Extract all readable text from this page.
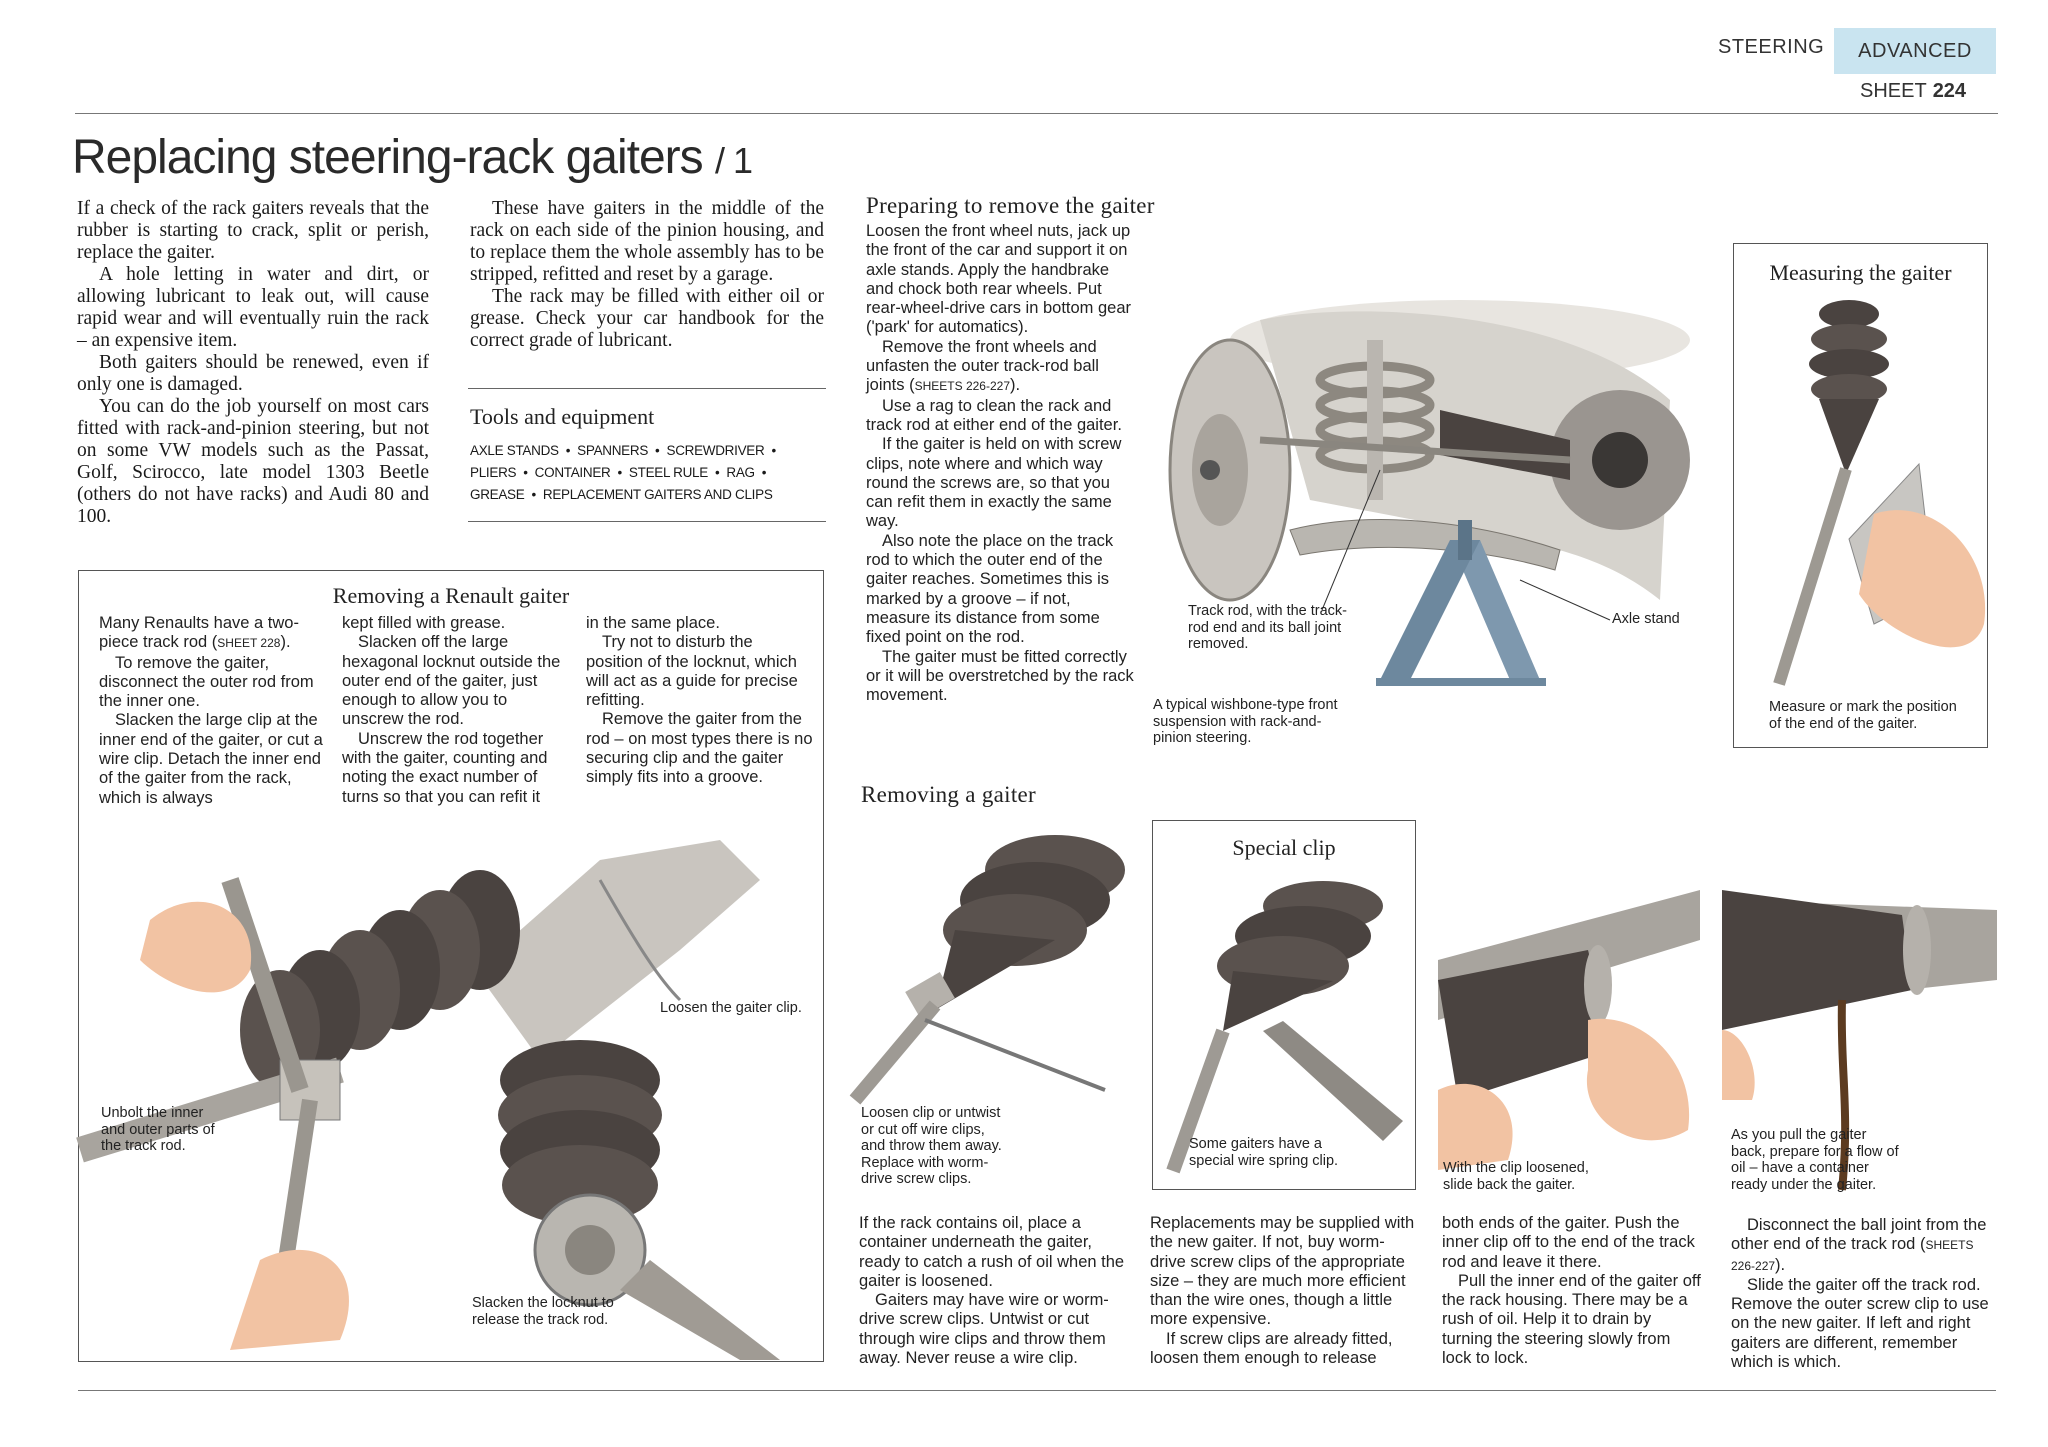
STEERING	ADVANCED
SHEET 224
Replacing steering-rack gaiters / 1

If a check of the rack gaiters reveals that the rubber is starting to crack, split or perish, replace the gaiter.

A hole letting in water and dirt, or allowing lubricant to leak out, will cause rapid wear and will eventually ruin the rack – an expensive item.

Both gaiters should be renewed, even if only one is damaged.

You can do the job yourself on most cars fitted with rack-and-pinion steering, but not on some VW models such as the Passat, Golf, Scirocco, late model 1303 Beetle (others do not have racks) and Audi 80 and 100.

These have gaiters in the middle of the rack on each side of the pinion housing, and to replace them the whole assembly has to be stripped, refitted and reset by a garage.

The rack may be filled with either oil or grease. Check your car handbook for the correct grade of lubricant.

Tools and equipment
AXLE STANDS • SPANNERS • SCREWDRIVER •
PLIERS • CONTAINER • STEEL RULE • RAG •
GREASE • REPLACEMENT GAITERS AND CLIPS
Preparing to remove the gaiter

Loosen the front wheel nuts, jack up the front of the car and support it on axle stands. Apply the handbrake and chock both rear wheels. Put rear-wheel-drive cars in bottom gear ('park' for automatics).

Remove the front wheels and unfasten the outer track-rod ball joints (SHEETS 226-227).

Use a rag to clean the rack and track rod at either end of the gaiter.

If the gaiter is held on with screw clips, note where and which way round the screws are, so that you can refit them in exactly the same way.

Also note the place on the track rod to which the outer end of the gaiter reaches. Sometimes this is marked by a groove – if not, measure its distance from some fixed point on the rod.

The gaiter must be fitted correctly or it will be overstretched by the rack movement.

Track rod, with the track-rod end and its ball joint removed.
Axle stand
A typical wishbone-type front suspension with rack-and-pinion steering.
Measuring the gaiter
Measure or mark the position of the end of the gaiter.
Removing a Renault gaiter

Many Renaults have a two-piece track rod (SHEET 228).

To remove the gaiter, disconnect the outer rod from the inner one.

Slacken the large clip at the inner end of the gaiter, or cut a wire clip. Detach the inner end of the gaiter from the rack, which is always

kept filled with grease.

Slacken off the large hexagonal locknut outside the outer end of the gaiter, just enough to allow you to unscrew the rod.

Unscrew the rod together with the gaiter, counting and noting the exact number of turns so that you can refit it

in the same place.

Try not to disturb the position of the locknut, which will act as a guide for precise refitting.

Remove the gaiter from the rod – on most types there is no securing clip and the gaiter simply fits into a groove.

Loosen the gaiter clip.
Unbolt the inner and outer parts of the track rod.
Slacken the locknut to release the track rod.
Removing a gaiter
Loosen clip or untwist or cut off wire clips, and throw them away. Replace with worm-drive screw clips.
Special clip
Some gaiters have a special wire spring clip.	With the clip loosened, slide back the gaiter.
As you pull the gaiter back, prepare for a flow of oil – have a container ready under the gaiter.

If the rack contains oil, place a container underneath the gaiter, ready to catch a rush of oil when the gaiter is loosened.

Gaiters may have wire or worm-drive screw clips. Untwist or cut through wire clips and throw them away. Never reuse a wire clip.

Replacements may be supplied with the new gaiter. If not, buy worm-drive screw clips of the appropriate size – they are much more efficient than the wire ones, though a little more expensive.

If screw clips are already fitted, loosen them enough to release

both ends of the gaiter. Push the inner clip off to the end of the track rod and leave it there.

Pull the inner end of the gaiter off the rack housing. There may be a rush of oil. Help it to drain by turning the steering slowly from lock to lock.

Disconnect the ball joint from the other end of the track rod (SHEETS 226-227).

Slide the gaiter off the track rod. Remove the outer screw clip to use on the new gaiter. If left and right gaiters are different, remember which is which.
